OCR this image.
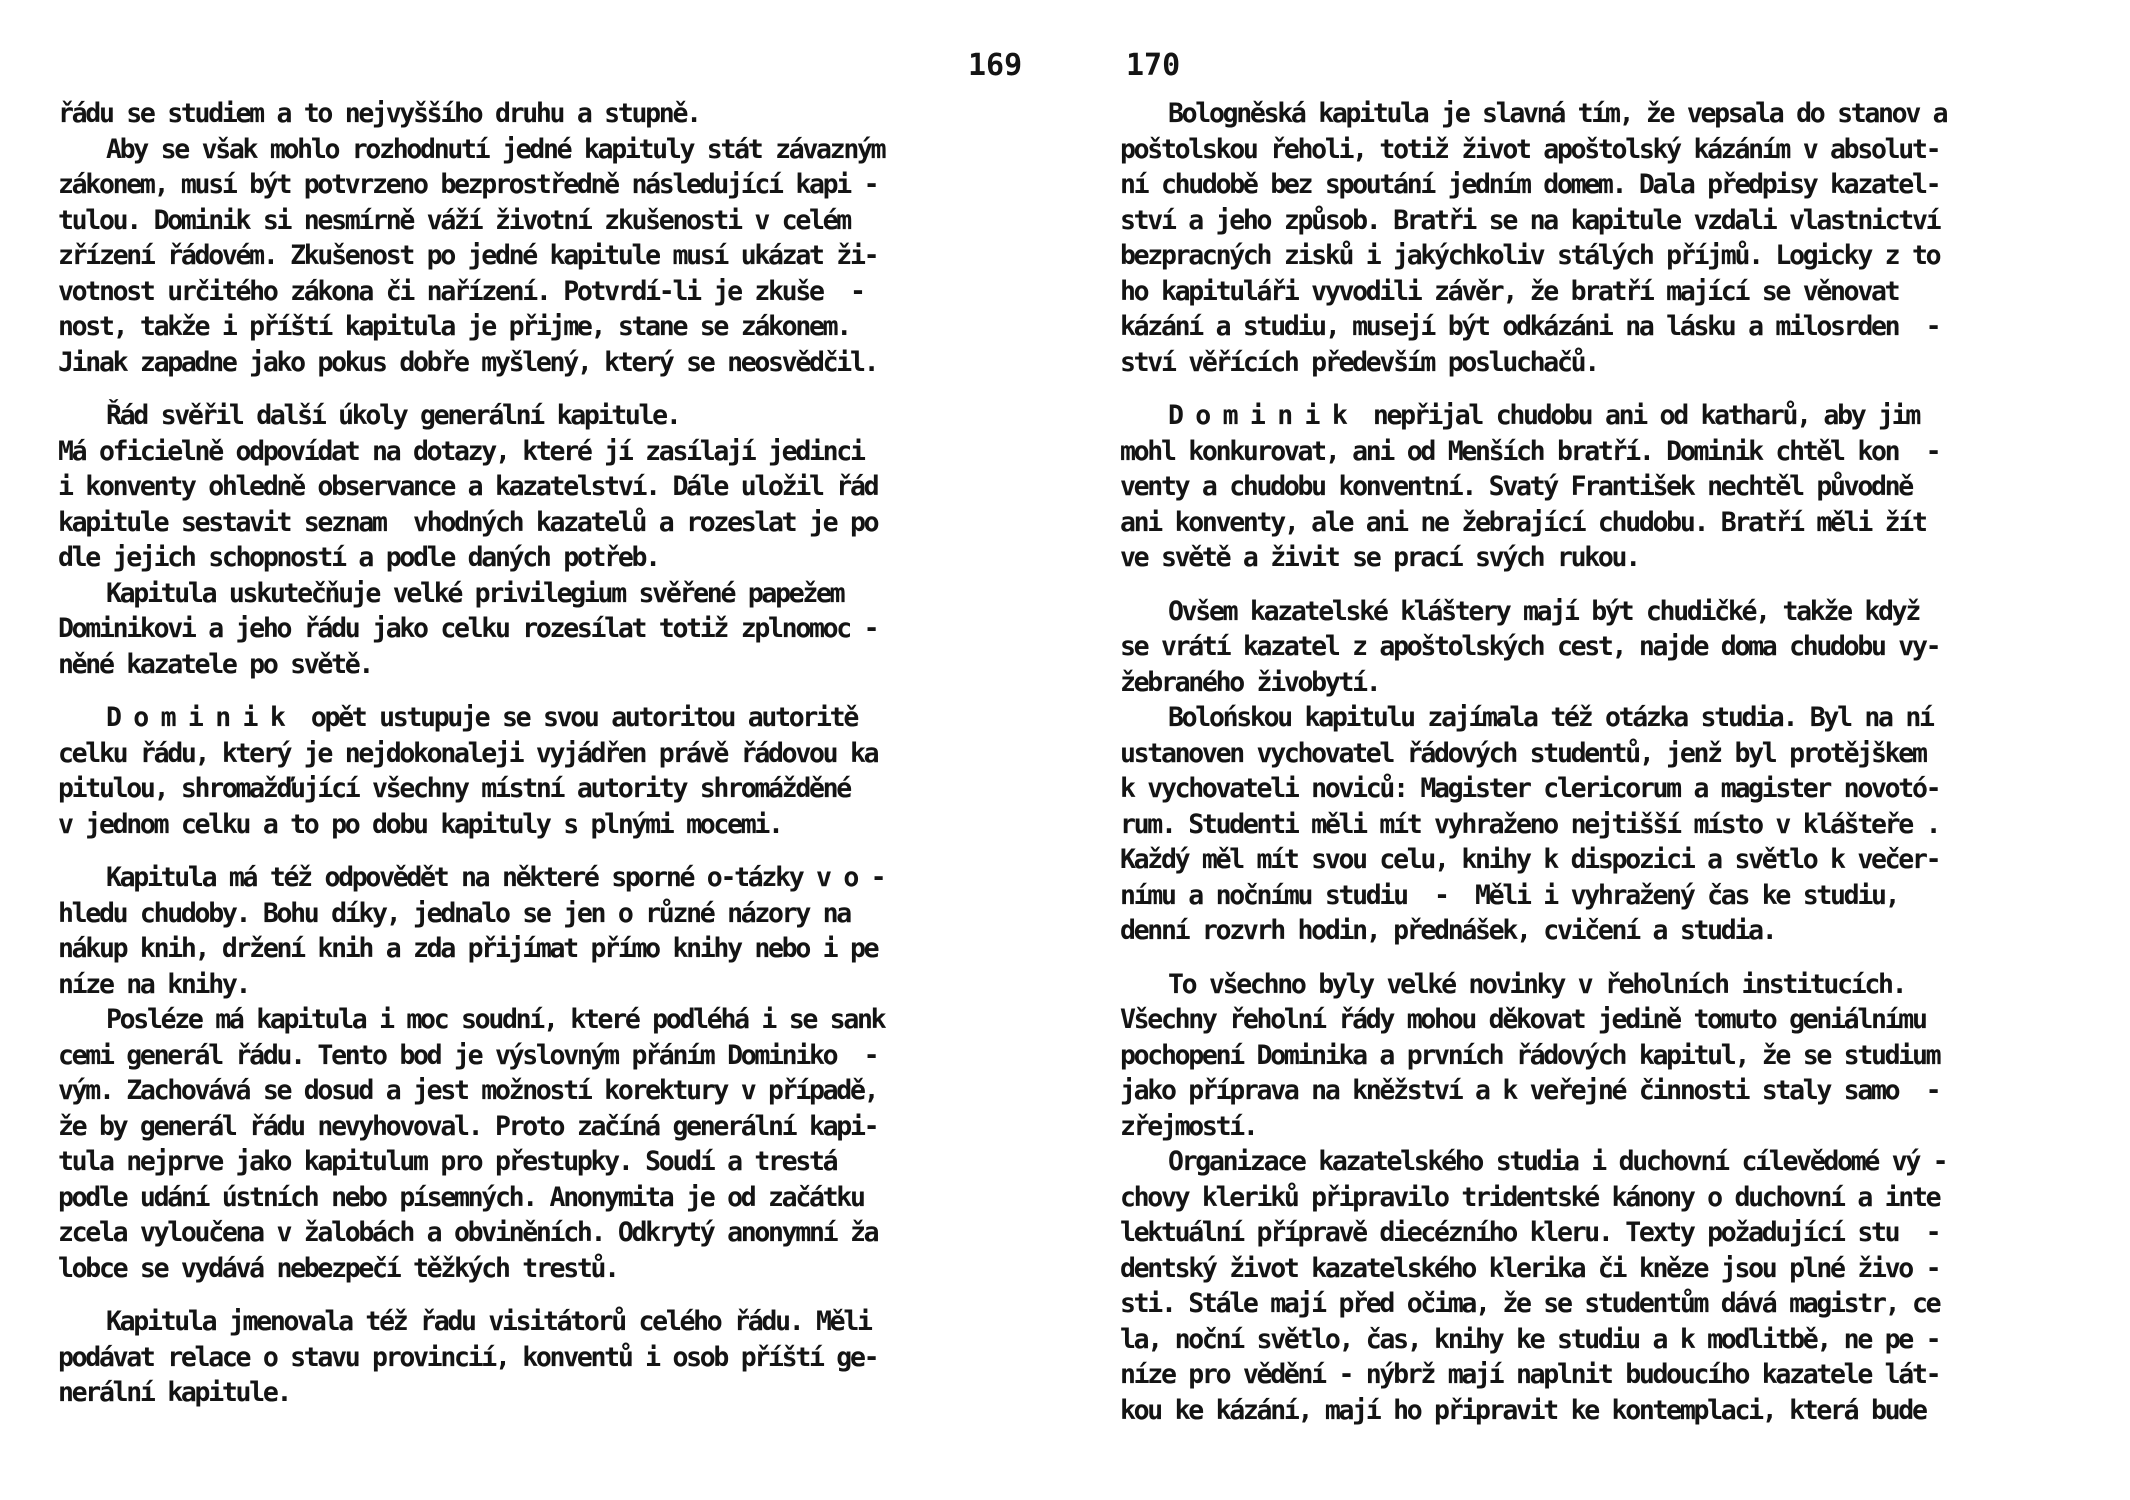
169
řádu se studiem a to nejvyššího druhu a stupně.
Aby se však mohlo rozhodnutí jedné kapituly stát závazným
zákonem, musí být potvrzeno bezprostředně následující kapi -
tulou. Dominik si nesmírně váží životní zkušenosti v celém
zřízení řádovém. Zkušenost po jedné kapitule musí ukázat ži-
votnost určitého zákona či nařízení. Potvrdí-li je zkuše  -
nost, takže i příští kapitula je přijme, stane se zákonem.
Jinak zapadne jako pokus dobře myšlený, který se neosvědčil.
Řád svěřil další úkoly generální kapitule.
Má oficielně odpovídat na dotazy, které jí zasílají jedinci
i konventy ohledně observance a kazatelství. Dále uložil řád
kapitule sestavit seznam  vhodných kazatelů a rozeslat je po
dle jejich schopností a podle daných potřeb.
Kapitula uskutečňuje velké privilegium svěřené papežem
Dominikovi a jeho řádu jako celku rozesílat totiž zplnomoc -
něné kazatele po světě.
D o m i n i k  opět ustupuje se svou autoritou autoritě
celku řádu, který je nejdokonaleji vyjádřen právě řádovou ka
pitulou, shromažďující všechny místní autority shromážděné
v jednom celku a to po dobu kapituly s plnými mocemi.
Kapitula má též odpovědět na některé sporné o-tázky v o -
hledu chudoby. Bohu díky, jednalo se jen o různé názory na
nákup knih, držení knih a zda přijímat přímo knihy nebo i pe
níze na knihy.
Posléze má kapitula i moc soudní, které podléhá i se sank
cemi generál řádu. Tento bod je výslovným přáním Dominiko  -
vým. Zachovává se dosud a jest možností korektury v případě,
že by generál řádu nevyhovoval. Proto začíná generální kapi-
tula nejprve jako kapitulum pro přestupky. Soudí a trestá
podle udání ústních nebo písemných. Anonymita je od začátku
zcela vyloučena v žalobách a obviněních. Odkrytý anonymní ža
lobce se vydává nebezpečí těžkých trestů.
Kapitula jmenovala též řadu visitátorů celého řádu. Měli
podávat relace o stavu provincií, konventů i osob příští ge-
nerální kapitule.
170
Bologněská kapitula je slavná tím, že vepsala do stanov a
poštolskou řeholi, totiž život apoštolský kázáním v absolut-
ní chudobě bez spoutání jedním domem. Dala předpisy kazatel-
ství a jeho způsob. Bratři se na kapitule vzdali vlastnictví
bezpracných zisků i jakýchkoliv stálých příjmů. Logicky z to
ho kapituláři vyvodili závěr, že bratří mající se věnovat
kázání a studiu, musejí být odkázáni na lásku a milosrden  -
ství věřících především posluchačů.
D o m i n i k  nepřijal chudobu ani od katharů, aby jim
mohl konkurovat, ani od Menších bratří. Dominik chtěl kon  -
venty a chudobu konventní. Svatý František nechtěl původně
ani konventy, ale ani ne žebrající chudobu. Bratří měli žít
ve světě a živit se prací svých rukou.
Ovšem kazatelské kláštery mají být chudičké, takže když
se vrátí kazatel z apoštolských cest, najde doma chudobu vy-
žebraného živobytí.
Bolońskou kapitulu zajímala též otázka studia. Byl na ní
ustanoven vychovatel řádových studentů, jenž byl protějškem
k vychovateli noviců: Magister clericorum a magister novotó-
rum. Studenti měli mít vyhraženo nejtišší místo v klášteře .
Každý měl mít svou celu, knihy k dispozici a světlo k večer-
nímu a nočnímu studiu  -  Měli i vyhražený čas ke studiu,
denní rozvrh hodin, přednášek, cvičení a studia.
To všechno byly velké novinky v řeholních institucích.
Všechny řeholní řády mohou děkovat jedině tomuto geniálnímu
pochopení Dominika a prvních řádových kapitul, že se studium
jako příprava na kněžství a k veřejné činnosti staly samo  -
zřejmostí.
Organizace kazatelského studia i duchovní cílevědomé vý -
chovy kleriků připravilo tridentské kánony o duchovní a inte
lektuální přípravě diecézního kleru. Texty požadující stu  -
dentský život kazatelského klerika či kněze jsou plné živo -
sti. Stále mají před očima, že se studentům dává magistr, ce
la, noční světlo, čas, knihy ke studiu a k modlitbě, ne pe -
níze pro vědění - nýbrž mají naplnit budoucího kazatele lát-
kou ke kázání, mají ho připravit ke kontemplaci, která bude
